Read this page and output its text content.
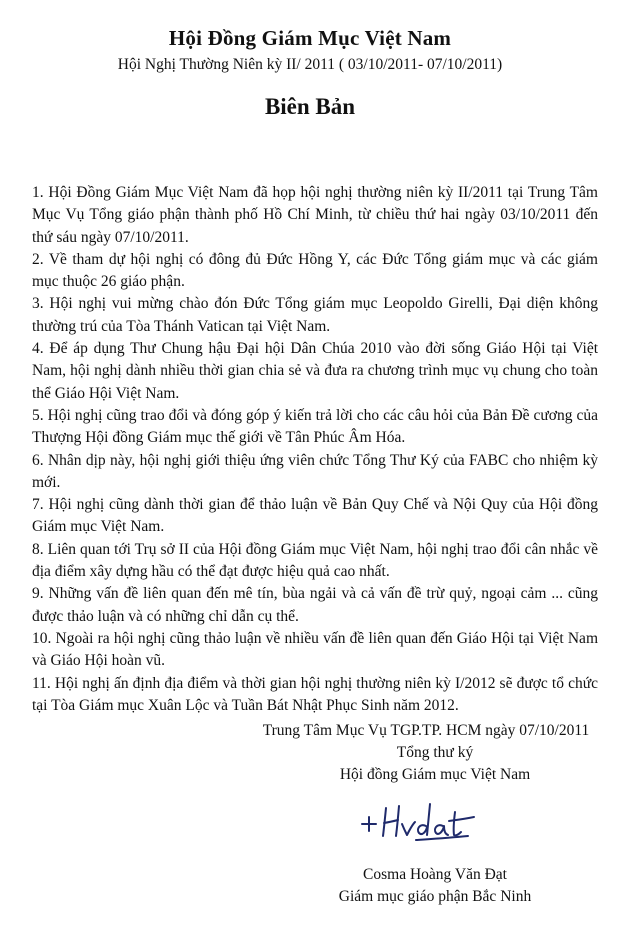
Hội Đồng Giám Mục Việt Nam
Hội Nghị Thường Niên kỳ II/ 2011 ( 03/10/2011- 07/10/2011)
Biên Bản
1. Hội Đồng Giám Mục Việt Nam đã họp hội nghị thường niên kỳ II/2011 tại Trung Tâm Mục Vụ Tổng giáo phận thành phố Hồ Chí Minh, từ chiều thứ hai ngày 03/10/2011 đến thứ sáu ngày 07/10/2011.
2. Về tham dự hội nghị có đông đủ Đức Hồng Y, các Đức Tổng giám mục và các giám mục thuộc 26 giáo phận.
3. Hội nghị vui mừng chào đón Đức Tổng giám mục Leopoldo Girelli, Đại diện không thường trú của Tòa Thánh Vatican tại Việt Nam.
4. Để áp dụng Thư Chung hậu Đại hội Dân Chúa 2010 vào đời sống Giáo Hội tại Việt Nam, hội nghị dành nhiều thời gian chia sẻ và đưa ra chương trình mục vụ chung cho toàn thể Giáo Hội Việt Nam.
5. Hội nghị cũng trao đổi và đóng góp ý kiến trả lời cho các câu hỏi của Bản Đề cương của Thượng Hội đồng Giám mục thế giới về Tân Phúc Âm Hóa.
6. Nhân dịp này, hội nghị giới thiệu ứng viên chức Tổng Thư Ký của FABC cho nhiệm kỳ mới.
7. Hội nghị cũng dành thời gian để thảo luận về Bản Quy Chế và Nội Quy của Hội đồng Giám mục Việt Nam.
8. Liên quan tới Trụ sở II của Hội đồng Giám mục Việt Nam, hội nghị trao đổi cân nhắc về địa điểm xây dựng hầu có thể đạt được hiệu quả cao nhất.
9. Những vấn đề liên quan đến mê tín, bùa ngải và cả vấn đề trừ quỷ, ngoại cảm ... cũng được thảo luận và có những chỉ dẫn cụ thể.
10. Ngoài ra hội nghị cũng thảo luận về nhiều vấn đề liên quan đến Giáo Hội tại Việt Nam và Giáo Hội hoàn vũ.
11. Hội nghị ấn định địa điểm và thời gian hội nghị thường niên kỳ I/2012 sẽ được tổ chức tại Tòa Giám mục Xuân Lộc và Tuần Bát Nhật Phục Sinh năm 2012.
Trung Tâm Mục Vụ TGP.TP. HCM ngày 07/10/2011
Tổng thư ký
Hội đồng Giám mục Việt Nam
Cosma Hoàng Văn Đạt
Giám mục giáo phận Bắc Ninh
